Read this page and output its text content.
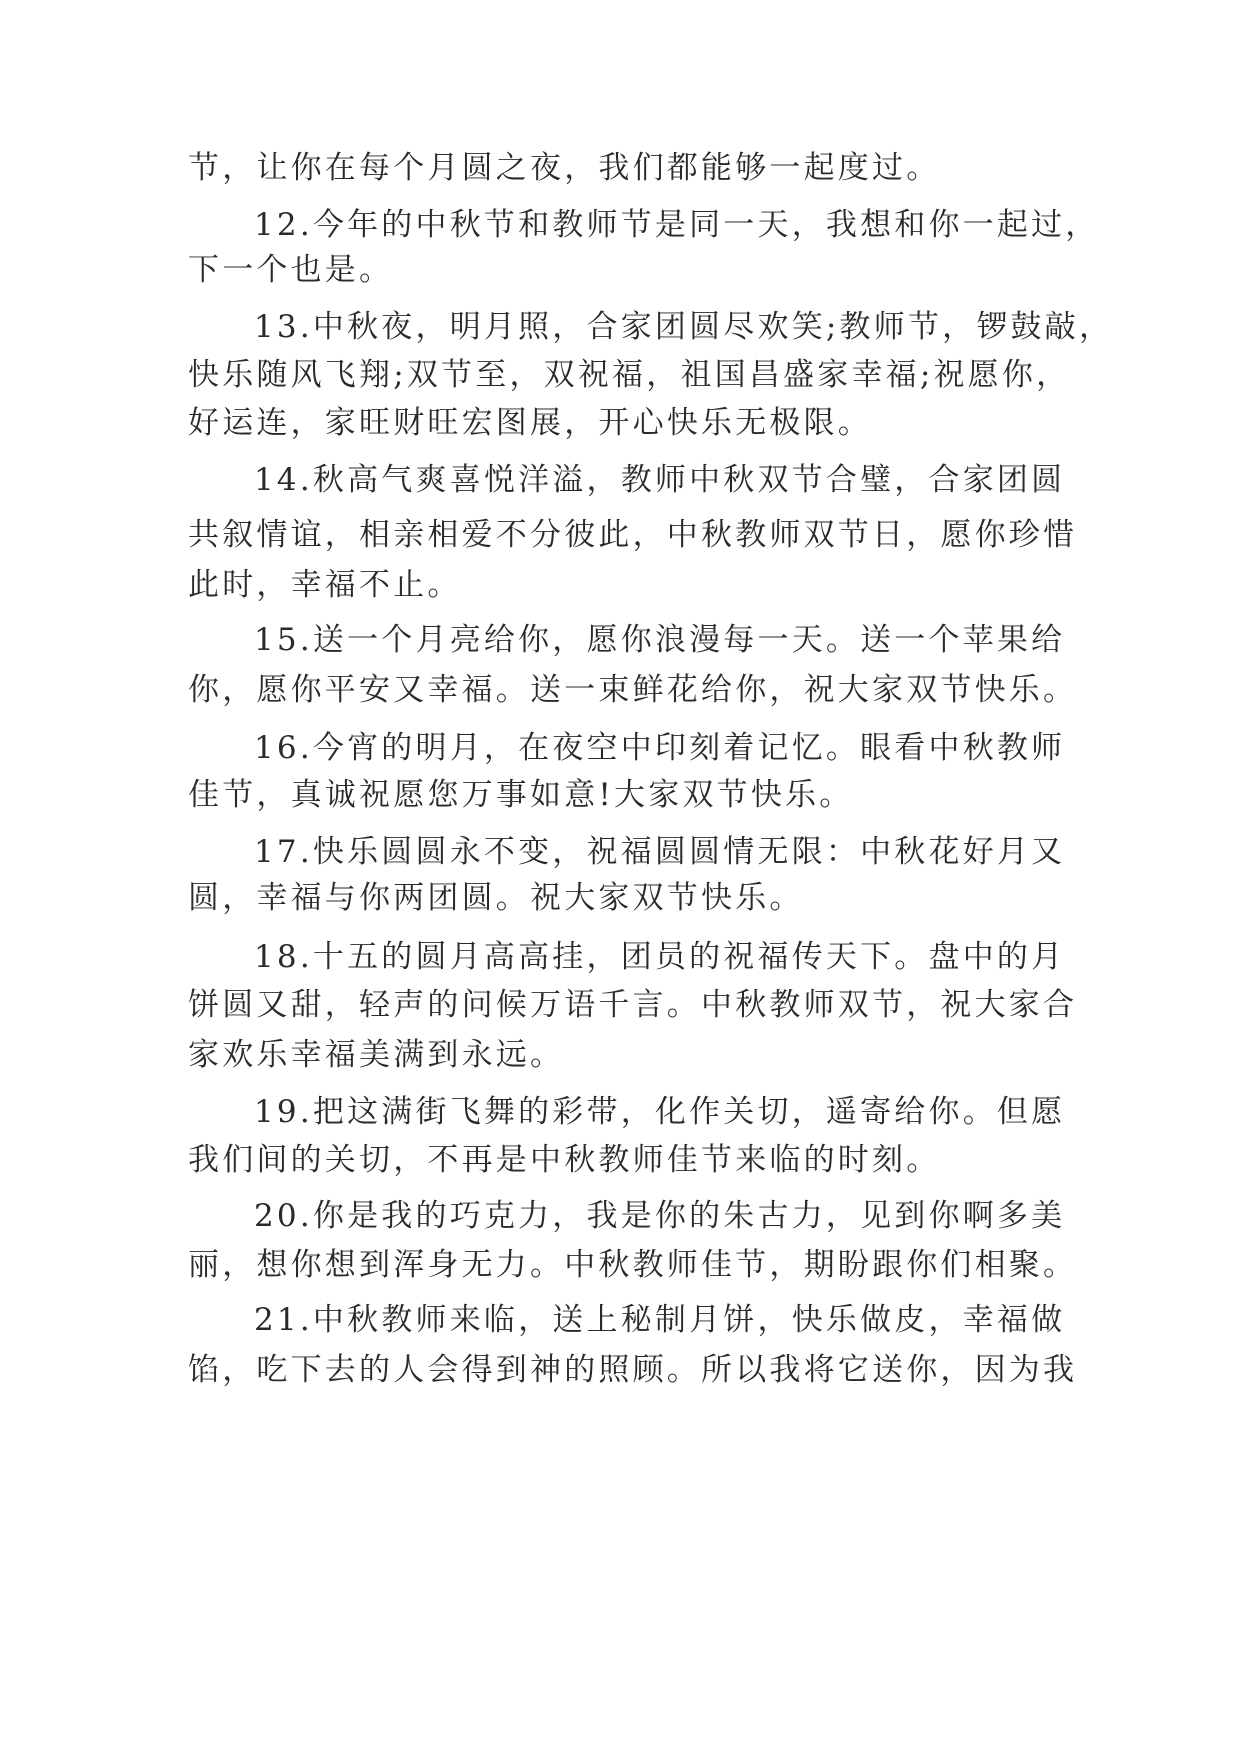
节，让你在每个月圆之夜，我们都能够一起度过。
12.今年的中秋节和教师节是同一天，我想和你一起过，
下一个也是。
13.中秋夜，明月照，合家团圆尽欢笑;教师节，锣鼓敲，
快乐随风飞翔;双节至，双祝福，祖国昌盛家幸福;祝愿你，
好运连，家旺财旺宏图展，开心快乐无极限。
14.秋高气爽喜悦洋溢，教师中秋双节合璧，合家团圆
共叙情谊，相亲相爱不分彼此，中秋教师双节日，愿你珍惜
此时，幸福不止。
15.送一个月亮给你，愿你浪漫每一天。送一个苹果给
你，愿你平安又幸福。送一束鲜花给你，祝大家双节快乐。
16.今宵的明月，在夜空中印刻着记忆。眼看中秋教师
佳节，真诚祝愿您万事如意!大家双节快乐。
17.快乐圆圆永不变，祝福圆圆情无限：中秋花好月又
圆，幸福与你两团圆。祝大家双节快乐。
18.十五的圆月高高挂，团员的祝福传天下。盘中的月
饼圆又甜，轻声的问候万语千言。中秋教师双节，祝大家合
家欢乐幸福美满到永远。
19.把这满街飞舞的彩带，化作关切，遥寄给你。但愿
我们间的关切，不再是中秋教师佳节来临的时刻。
20.你是我的巧克力，我是你的朱古力，见到你啊多美
丽，想你想到浑身无力。中秋教师佳节，期盼跟你们相聚。
21.中秋教师来临，送上秘制月饼，快乐做皮，幸福做
馅，吃下去的人会得到神的照顾。所以我将它送你，因为我
